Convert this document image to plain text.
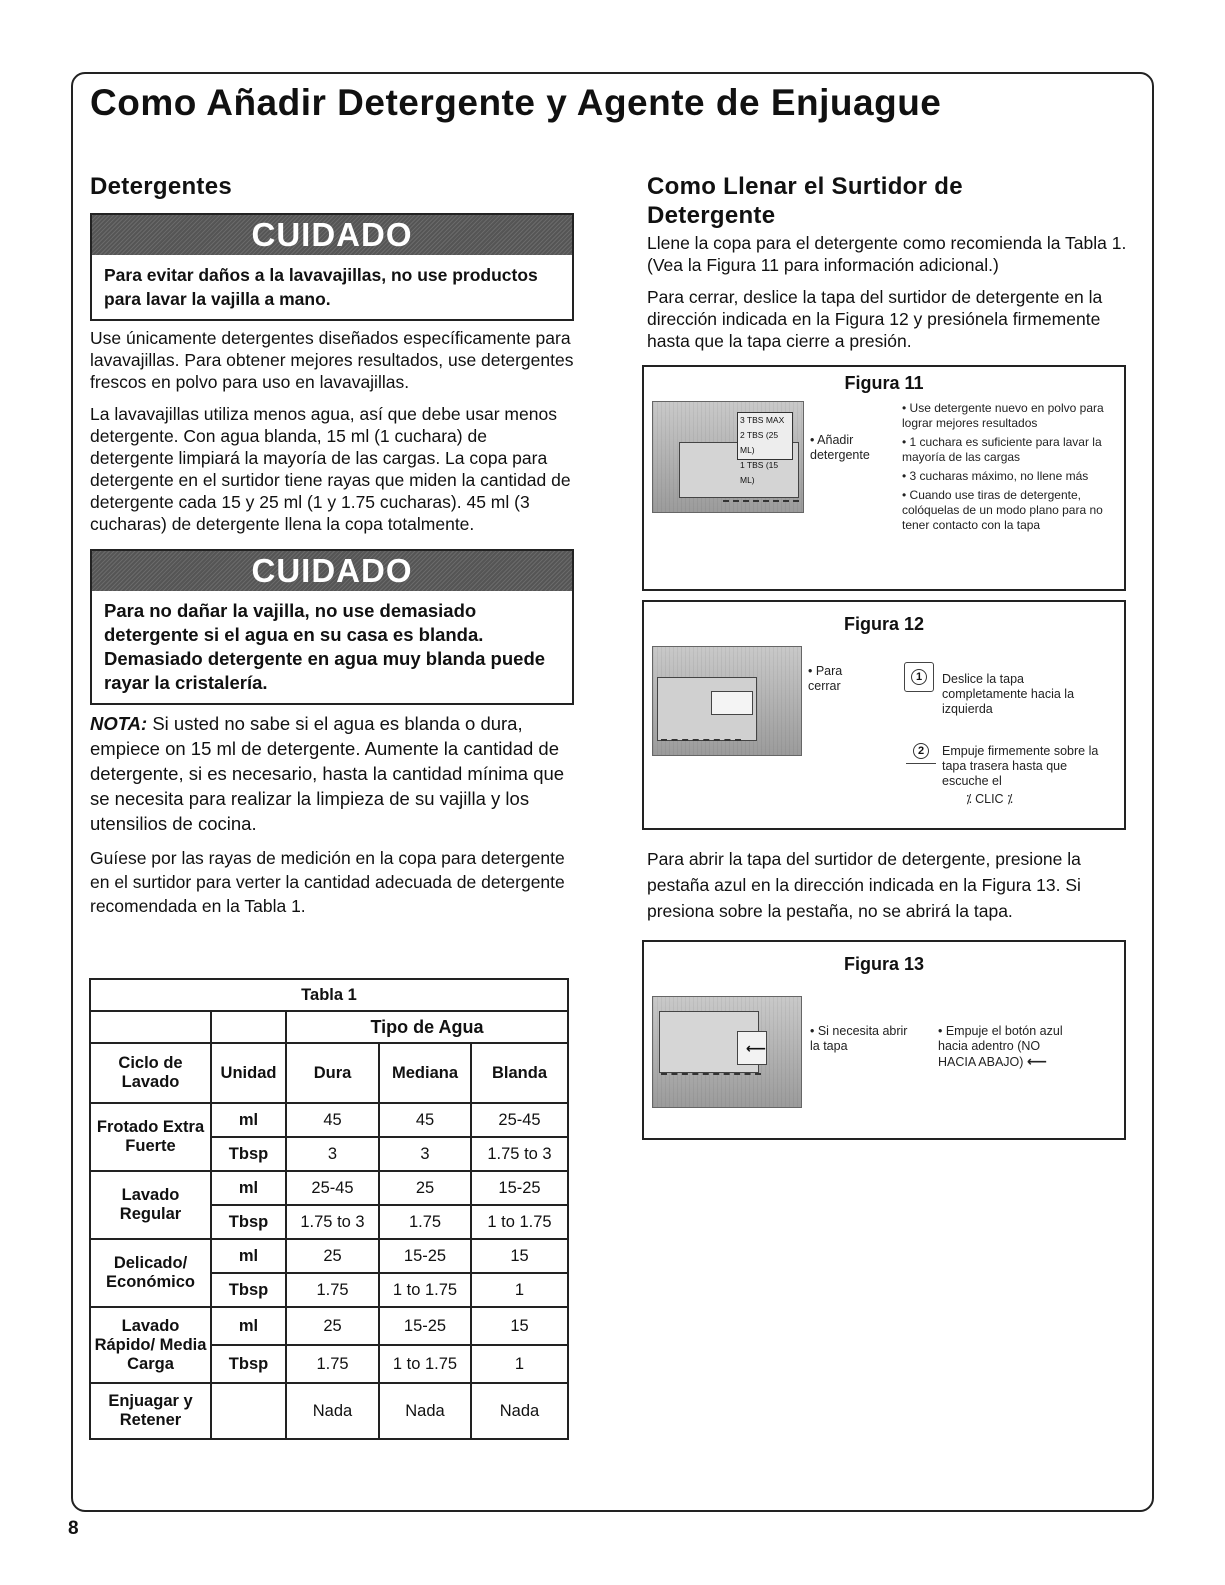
Como Añadir Detergente y Agente de Enjuague
Detergentes
CUIDADO
Para evitar daños a la lavavajillas, no use productos para lavar la vajilla a mano.

Use únicamente detergentes diseñados específicamente para lavavajillas. Para obtener mejores resultados, use detergentes frescos en polvo para uso en lavavajillas.

La lavavajillas utiliza menos agua, así que debe usar menos detergente. Con agua blanda, 15 ml (1 cuchara) de detergente limpiará la mayoría de las cargas. La copa para detergente en el surtidor tiene rayas que miden la cantidad de detergente cada 15 y 25 ml (1 y 1.75 cucharas). 45 ml (3 cucharas) de detergente llena la copa totalmente.

CUIDADO
Para no dañar la vajilla, no use demasiado detergente si el agua en su casa es blanda. Demasiado detergente en agua muy blanda puede rayar la cristalería.

NOTA: Si usted no sabe si el agua es blanda o dura, empiece on 15 ml de detergente. Aumente la cantidad de detergente, si es necesario, hasta la cantidad mínima que se necesita para realizar la limpieza de su vajilla y los utensilios de cocina.

Guíese por las rayas de medición en la copa para detergente en el surtidor para verter la cantidad adecuada de detergente recomendada en la Tabla 1.

Tabla 1				
		Tipo de Agua		
Ciclo de Lavado	Unidad	Dura	Mediana	Blanda
Frotado Extra Fuerte	ml	45	45	25-45
	Tbsp	3	3	1.75 to 3
Lavado Regular	ml	25-45	25	15-25
	Tbsp	1.75 to 3	1.75	1 to 1.75
Delicado/ Económico	ml	25	15-25	15
	Tbsp	1.75	1 to 1.75	1
Lavado Rápido/ Media Carga	ml	25	15-25	15
	Tbsp	1.75	1 to 1.75	1
Enjuagar y Retener		Nada	Nada	Nada
Como Llenar el Surtidor de Detergente

Llene la copa para el detergente como recomienda la Tabla 1. (Vea la Figura 11 para información adicional.)

Para cerrar, deslice la tapa del surtidor de detergente en la dirección indicada en la Figura 12 y presiónela firmemente hasta que la tapa cierre a presión.

Figura 11
3 TBS MAX
2 TBS (25 ML)
1 TBS (15 ML)
• Añadir detergente
• Use detergente nuevo en polvo para lograr mejores resultados
• 1 cuchara es suficiente para lavar la mayoría de las cargas
• 3 cucharas máximo, no llene más
• Cuando use tiras de detergente, colóquelas de un modo plano para no tener contacto con la tapa
Figura 12
• Para cerrar
1	Deslice la tapa completamente hacia la izquierda
2	Empuje firmemente sobre la tapa trasera hasta que escuche el
⁒ CLIC ⁒

Para abrir la tapa del surtidor de detergente, presione la pestaña azul en la dirección indicada en la Figura 13. Si presiona sobre la pestaña, no se abrirá la tapa.

Figura 13
⟵
• Si necesita abrir la tapa
• Empuje el botón azul hacia adentro (NO HACIA ABAJO) ⟵
8
